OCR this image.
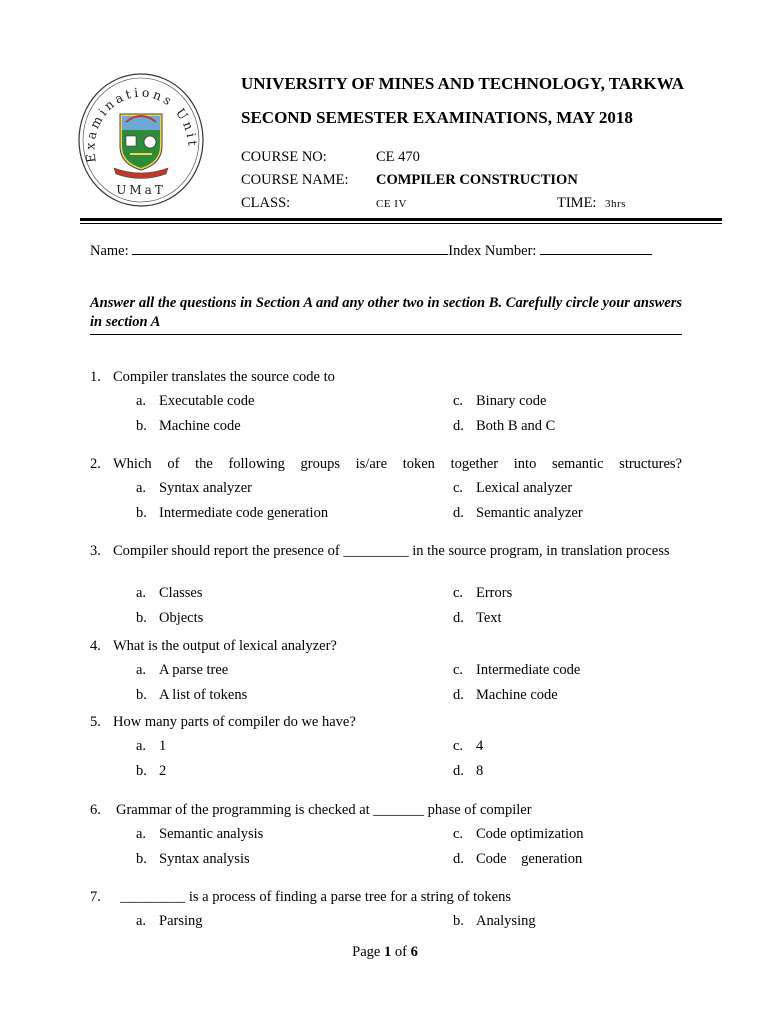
Examinations Unit
UMaT
UNIVERSITY OF MINES AND TECHNOLOGY, TARKWA
SECOND SEMESTER EXAMINATIONS, MAY 2018
COURSE NO:	CE 470
COURSE NAME: COMPILER CONSTRUCTION
CLASS:	CE IV	TIME: 3hrs
Name:	Index Number:
Answer all the questions in Section A and any other two in section B. Carefully circle your answers in section A
1. Compiler translates the source code to
a. Executable code	c. Binary code
b. Machine code	d. Both B and C
2. Which of the following groups is/are token together into semantic structures?
a. Syntax analyzer	c. Lexical analyzer
b. Intermediate code generation	d. Semantic analyzer
3. Compiler should report the presence of _________ in the source program, in translation process
a. Classes	c. Errors
b. Objects	d. Text
4. What is the output of lexical analyzer?
a. A parse tree	c. Intermediate code
b. A list of tokens	d. Machine code
5. How many parts of compiler do we have?
a. 1	c. 4
b. 2	d. 8
6. Grammar of the programming is checked at _______ phase of compiler
a. Semantic analysis	c. Code optimization
b. Syntax analysis	d. Code    generation
7. _________ is a process of finding a parse tree for a string of tokens
a. Parsing	b. Analysing
Page 1 of 6
